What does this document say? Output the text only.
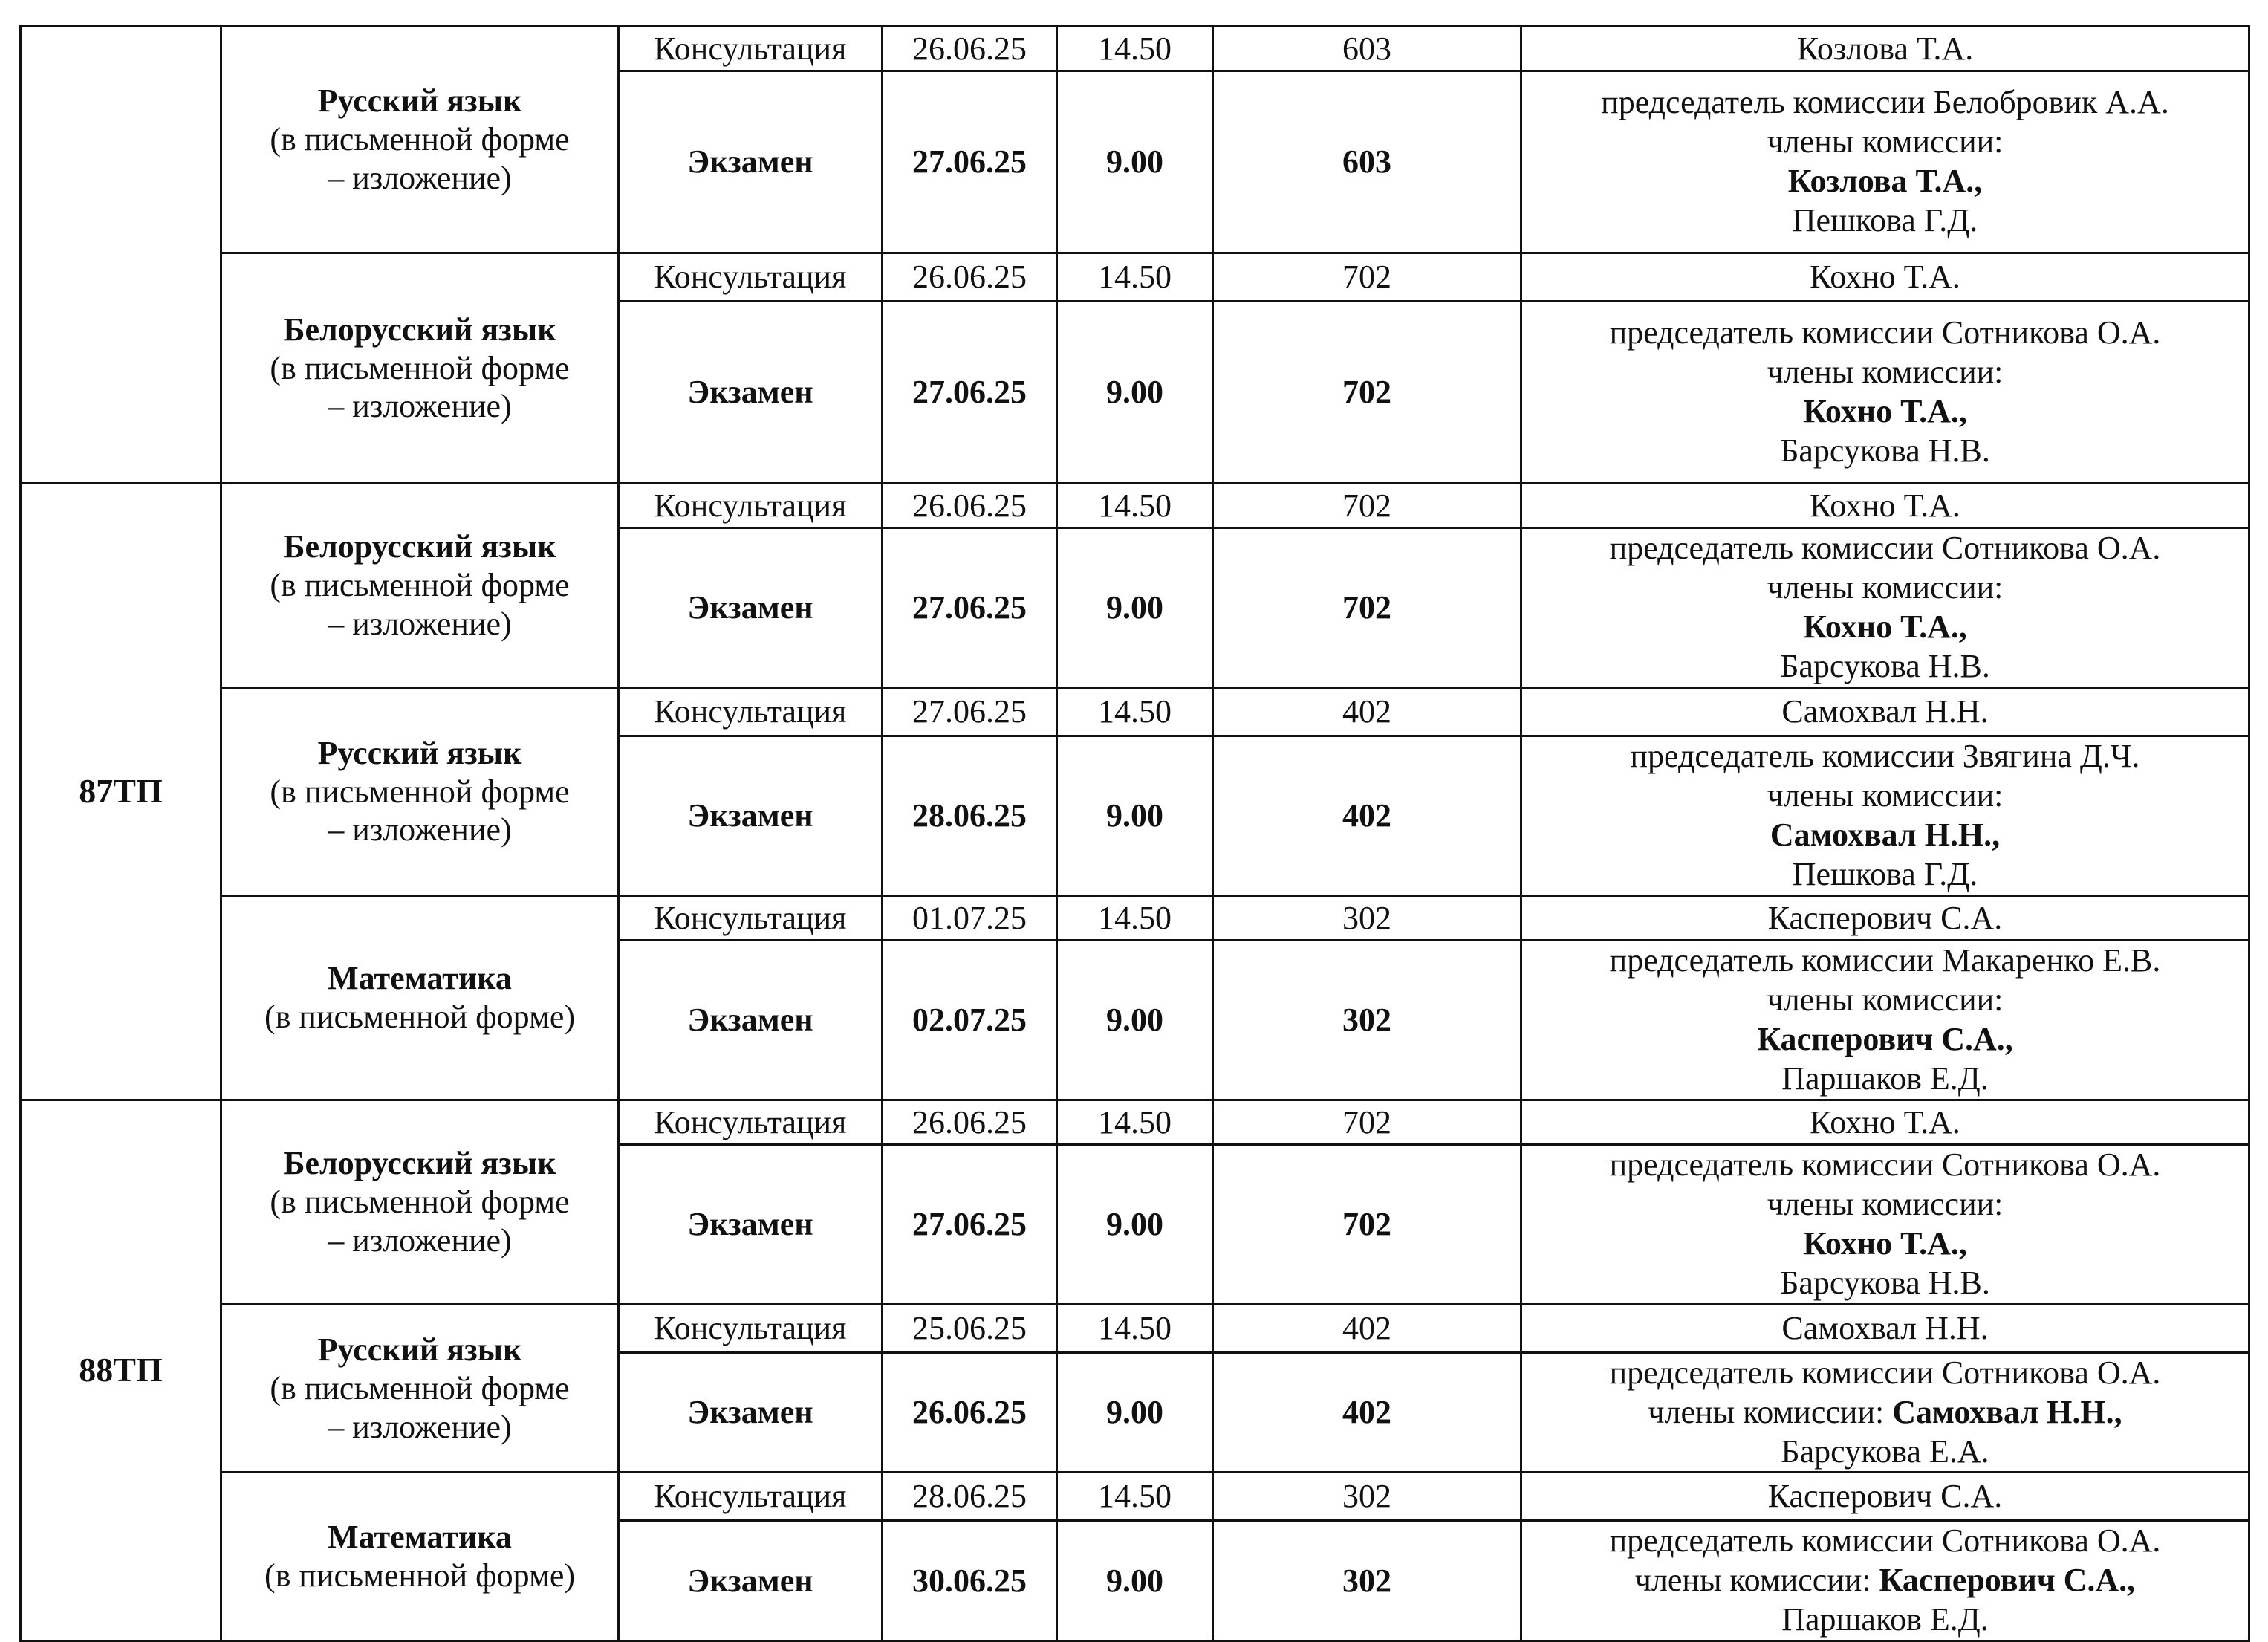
	Русский язык
(в письменной форме
– изложение)	Консультация	26.06.25	14.50	603	Козлова Т.А.
		Экзамен	27.06.25	9.00	603	председатель комиссии Белобровик А.А.
члены комиссии:
Козлова Т.А.,
Пешкова Г.Д.

	Белорусский язык
(в письменной форме
– изложение)	Консультация	26.06.25	14.50	702	Кохно Т.А.
		Экзамен	27.06.25	9.00	702	председатель комиссии Сотникова О.А.
члены комиссии:
Кохно Т.А.,
Барсукова Н.В.

87ТП	Белорусский язык
(в письменной форме
– изложение)	Консультация	26.06.25	14.50	702	Кохно Т.А.
		Экзамен	27.06.25	9.00	702	председатель комиссии Сотникова О.А.
члены комиссии:
Кохно Т.А.,
Барсукова Н.В.

	Русский язык
(в письменной форме
– изложение)	Консультация	27.06.25	14.50	402	Самохвал Н.Н.
		Экзамен	28.06.25	9.00	402	председатель комиссии Звягина Д.Ч.
члены комиссии:
Самохвал Н.Н.,
Пешкова Г.Д.

	Математика
(в письменной форме)	Консультация	01.07.25	14.50	302	Касперович С.А.
		Экзамен	02.07.25	9.00	302	председатель комиссии Макаренко Е.В.
члены комиссии:
Касперович С.А.,
Паршаков Е.Д.

88ТП	Белорусский язык
(в письменной форме
– изложение)	Консультация	26.06.25	14.50	702	Кохно Т.А.
		Экзамен	27.06.25	9.00	702	председатель комиссии Сотникова О.А.
члены комиссии:
Кохно Т.А.,
Барсукова Н.В.

	Русский язык
(в письменной форме
– изложение)	Консультация	25.06.25	14.50	402	Самохвал Н.Н.
		Экзамен	26.06.25	9.00	402	председатель комиссии Сотникова О.А.
члены комиссии: Самохвал Н.Н.,
Барсукова Е.А.

	Математика
(в письменной форме)	Консультация	28.06.25	14.50	302	Касперович С.А.
		Экзамен	30.06.25	9.00	302	председатель комиссии Сотникова О.А.
члены комиссии: Касперович С.А.,
Паршаков Е.Д.
